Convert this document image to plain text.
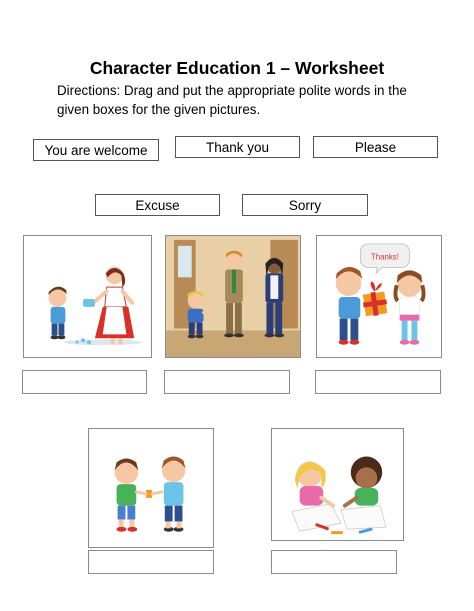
Character Education 1 – Worksheet
Directions: Drag and put the appropriate polite words in the given boxes for the given pictures.
You are welcome	Thank you	Please
Excuse	Sorry
Thanks!
